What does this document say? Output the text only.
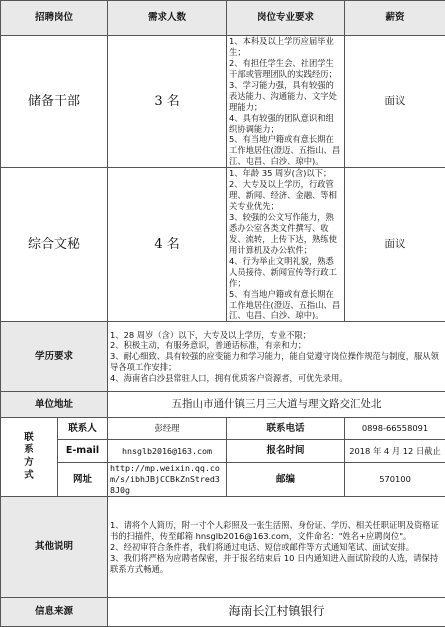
招聘岗位		需求人数	岗位专业要求	薪资
储备干部		3 名	1、本科及以上学历应届毕业生；

2、有担任学生会、社团学生干部或管理团队的实践经历；

3、学习能力强，具有较强的表达能力、沟通能力、文字处理能力；

4、具有较强的团队意识和组织协调能力；

5、有当地户籍或有意长期在工作地居住(澄迈、五指山、昌江、屯昌、白沙、琼中)。	面议
综合文秘		4 名	1、年龄 35 周岁(含)以下；

2、大专及以上学历，行政管理、新闻、经济、金融、等相关专业优先；

3、较强的公文写作能力，熟悉办公室各类文件撰写、收发、流转，上传下达，熟练使用计算机及办公软件；

4、行为举止文明礼貌，熟悉人员接待、新闻宣传等行政工作；

5、有当地户籍或有意长期在工作地居住(澄迈、五指山、昌江、屯昌、白沙、琼中)。	面议
学历要求		1、28 周岁（含）以下，大专及以上学历，专业不限；

2、积极主动，有服务意识，普通话标准，有亲和力；

3、耐心细致、具有较强的应变能力和学习能力，能自觉遵守岗位操作规范与制度，服从领导各项工作安排；

4、海南省白沙县常驻人口，拥有优质客户资源者，可优先录用。		

单位地址		五指山市通什镇三月三大道与理文路交汇处北		

联系方式	联系人	彭经理	联系电话	0898-66558091
	E-mail	hnsglb2016@163.com	报名时间	2018 年 4 月 12 日截止
	网址	http://mp.weixin.qq.com/s/ibhJBjCCBkZnStred38J0g	邮编	570100
其他说明		1、请将个人简历，附一寸个人彩照及一张生活照、身份证、学历、相关任职证明及资格证书的扫描件，传至邮箱 hnsglb2016@163.com，文件命名："姓名+应聘岗位"。

2、经初审符合条件者，我们将通过电话、短信或邮件等方式通知笔试、面试安排。

3、我们将严格为应聘者保密，并于报名结束后 10 日内通知进入面试阶段的人选，请保持联系方式畅通。		

信息来源		海南长江村镇银行		
